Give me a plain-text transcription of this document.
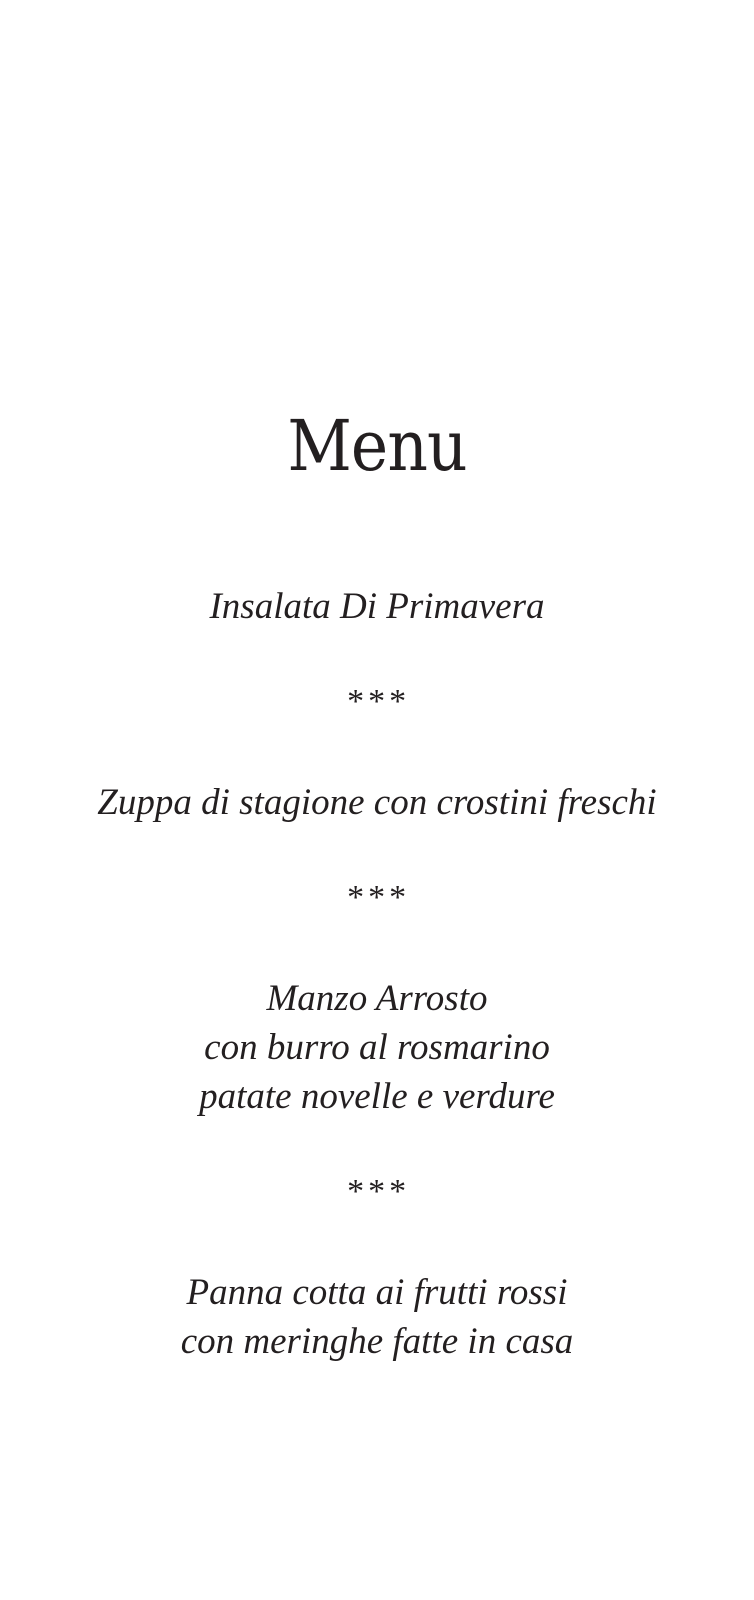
Menu

Insalata Di Primavera

***

Zuppa di stagione con crostini freschi

***

Manzo Arrosto

con burro al rosmarino

patate novelle e verdure

***

Panna cotta ai frutti rossi

con meringhe fatte in casa
